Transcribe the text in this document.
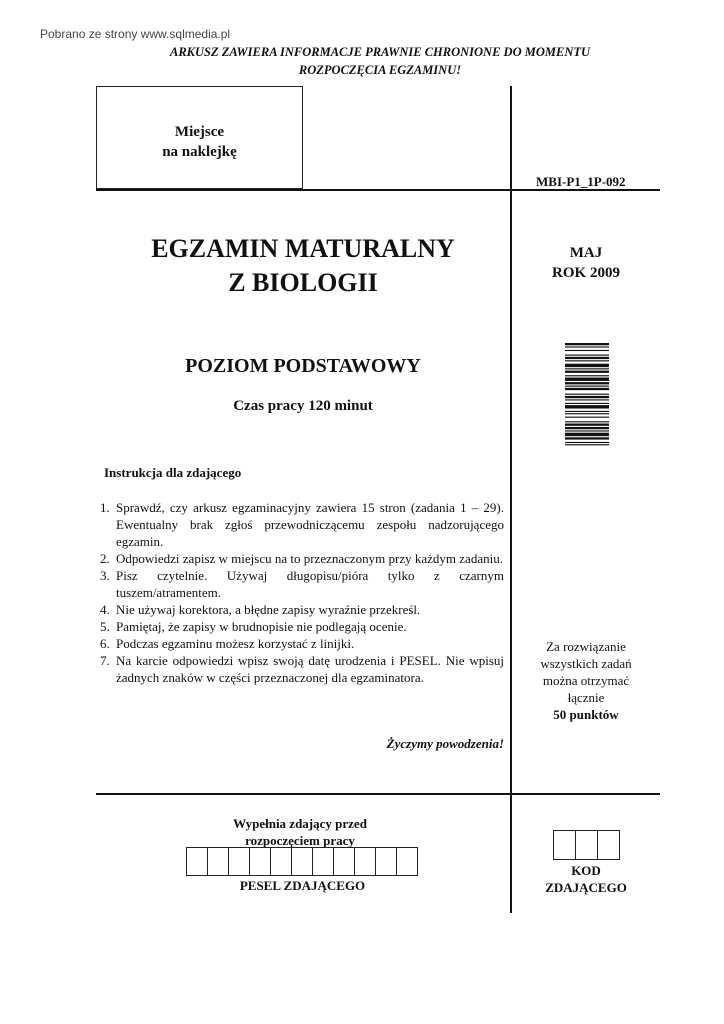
Pobrano ze strony www.sqlmedia.pl
ARKUSZ ZAWIERA INFORMACJE PRAWNIE CHRONIONE DO MOMENTU
ROZPOCZĘCIA EGZAMINU!
Miejsce
na naklejkę
MBI-P1_1P-092
EGZAMIN MATURALNY
Z BIOLOGII
MAJ
ROK 2009
POZIOM PODSTAWOWY
Czas pracy 120 minut
Instrukcja dla zdającego
1. Sprawdź, czy arkusz egzaminacyjny zawiera 15 stron (zadania 1 – 29). Ewentualny brak zgłoś przewodniczącemu zespołu nadzorującego egzamin.
2. Odpowiedzi zapisz w miejscu na to przeznaczonym przy każdym zadaniu.
3. Pisz czytelnie. Używaj długopisu/pióra tylko z czarnym tuszem/atramentem.
4. Nie używaj korektora, a błędne zapisy wyraźnie przekreśl.
5. Pamiętaj, że zapisy w brudnopisie nie podlegają ocenie.
6. Podczas egzaminu możesz korzystać z linijki.
7. Na karcie odpowiedzi wpisz swoją datę urodzenia i PESEL. Nie wpisuj żadnych znaków w części przeznaczonej dla egzaminatora.
Życzymy powodzenia!
Za rozwiązanie
wszystkich zadań
można otrzymać
łącznie
50 punktów
Wypełnia zdający przed
rozpoczęciem pracy
PESEL ZDAJĄCEGO
KOD
ZDAJĄCEGO
